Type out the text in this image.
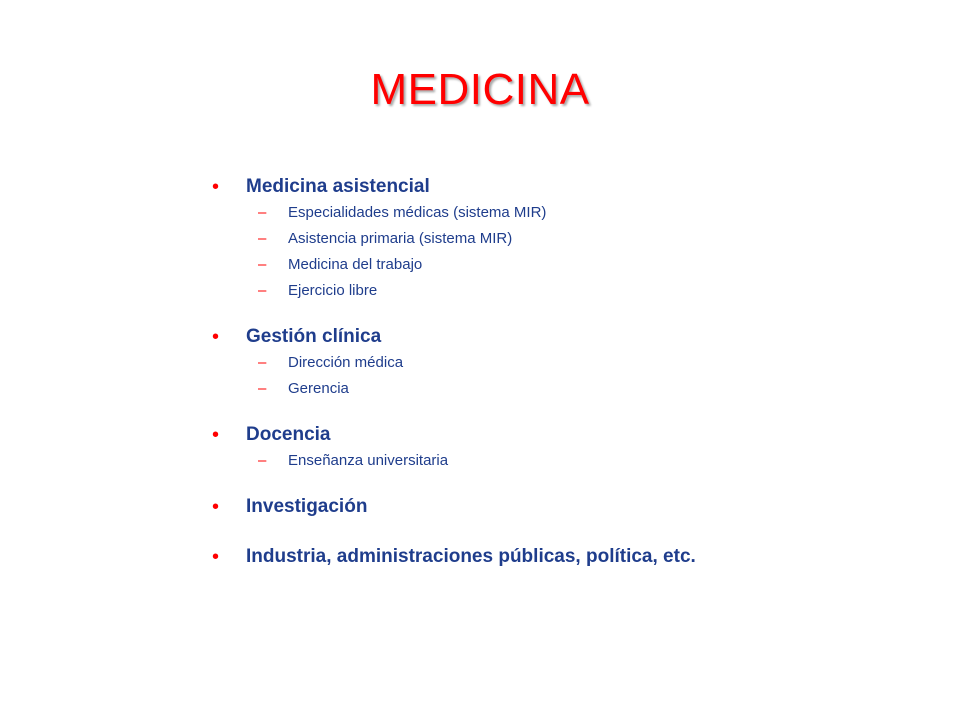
MEDICINA
•	Medicina asistencial
–	Especialidades médicas (sistema MIR)
–	Asistencia primaria (sistema MIR)
–	Medicina del trabajo
–	Ejercicio libre
•	Gestión clínica
–	Dirección médica
–	Gerencia
•	Docencia
–	Enseñanza universitaria
•	Investigación
•	Industria, administraciones públicas, política, etc.
